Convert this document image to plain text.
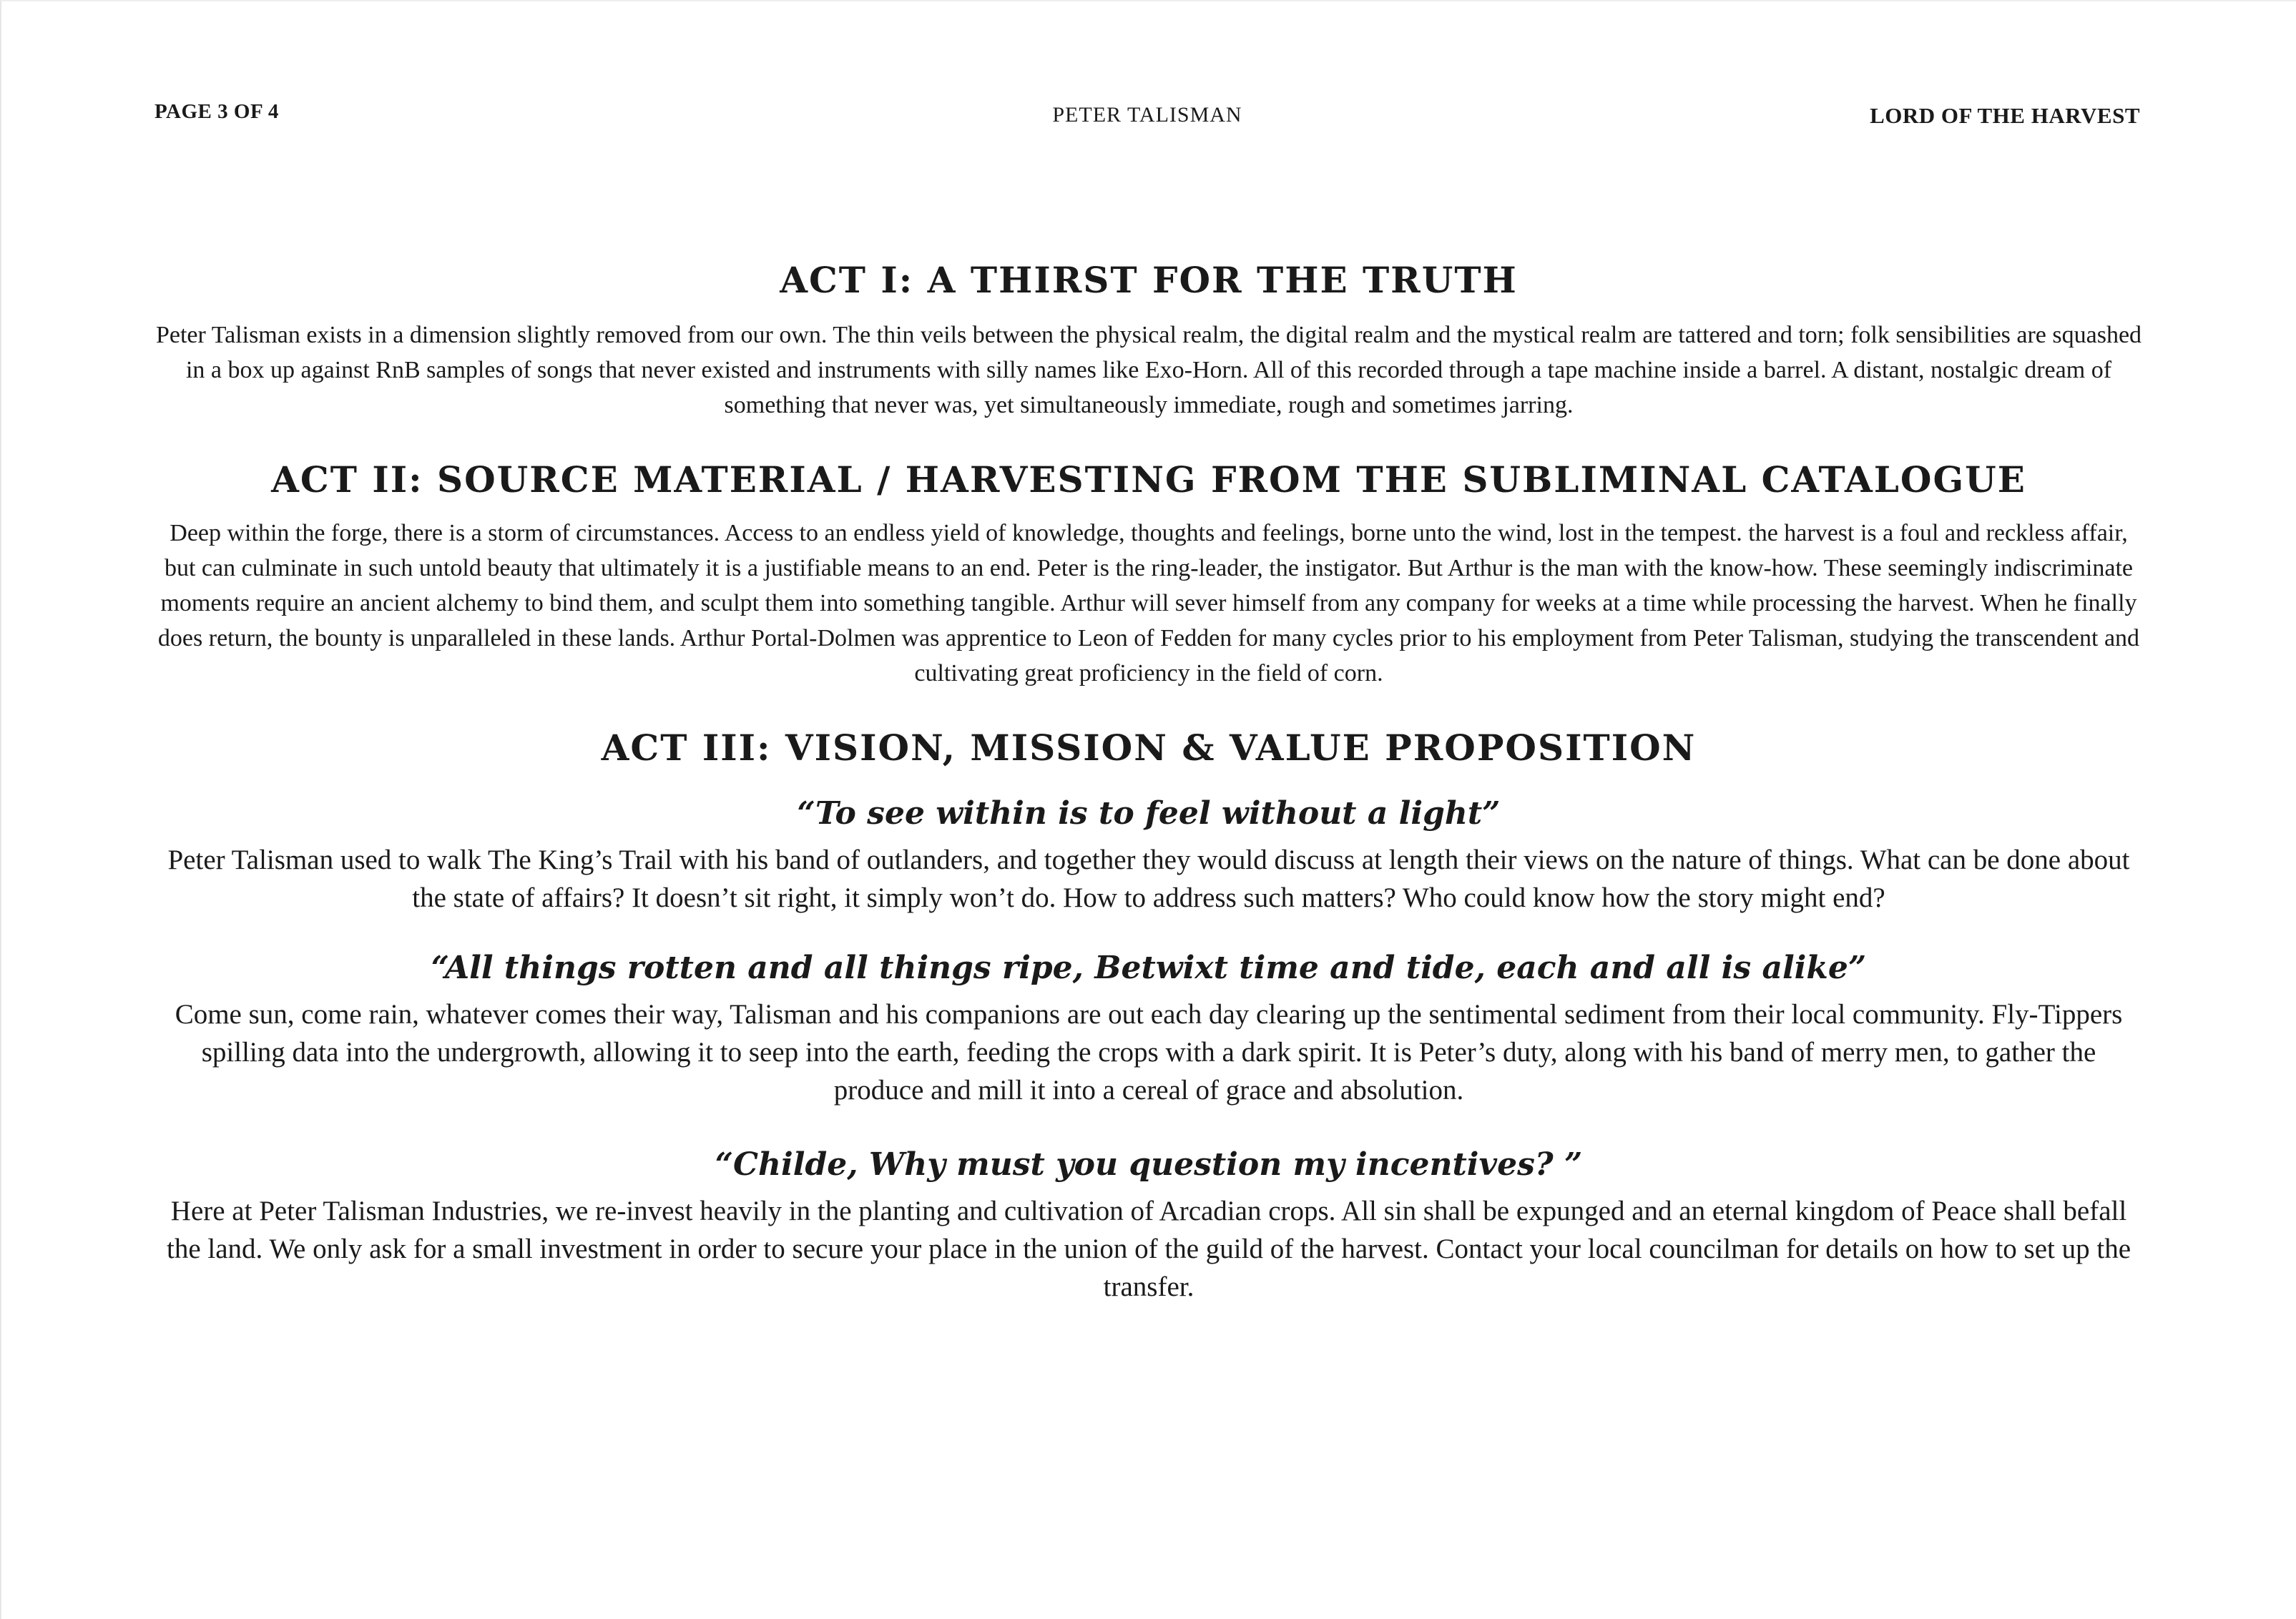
PAGE 3 OF 4	PETER TALISMAN	LORD OF THE HARVEST
ACT I: A THIRST FOR THE TRUTH

Peter Talisman exists in a dimension slightly removed from our own. The thin veils between the physical realm, the digital realm and the mystical realm are tattered and torn; folk sensibilities are squashed in a box up against RnB samples of songs that never existed and instruments with silly names like Exo-Horn. All of this recorded through a tape machine inside a barrel. A distant, nostalgic dream of something that never was, yet simultaneously immediate, rough and sometimes jarring.

ACT II: SOURCE MATERIAL / HARVESTING FROM THE SUBLIMINAL CATALOGUE

Deep within the forge, there is a storm of circumstances. Access to an endless yield of knowledge, thoughts and feelings, borne unto the wind, lost in the tempest. the harvest is a foul and reckless affair, but can culminate in such untold beauty that ultimately it is a justifiable means to an end. Peter is the ring-leader, the instigator. But Arthur is the man with the know-how. These seemingly indiscriminate moments require an ancient alchemy to bind them, and sculpt them into something tangible. Arthur will sever himself from any company for weeks at a time while processing the harvest. When he finally does return, the bounty is unparalleled in these lands. Arthur Portal-Dolmen was apprentice to Leon of Fedden for many cycles prior to his employment from Peter Talisman, studying the transcendent and cultivating great proficiency in the field of corn.

ACT III: VISION, MISSION & VALUE PROPOSITION
“To see within is to feel without a light”

Peter Talisman used to walk The King’s Trail with his band of outlanders, and together they would discuss at length their views on the nature of things. What can be done about the state of affairs? It doesn’t sit right, it simply won’t do. How to address such matters? Who could know how the story might end?

“All things rotten and all things ripe, Betwixt time and tide, each and all is alike”

Come sun, come rain, whatever comes their way, Talisman and his companions are out each day clearing up the sentimental sediment from their local community. Fly-Tippers spilling data into the undergrowth, allowing it to seep into the earth, feeding the crops with a dark spirit. It is Peter’s duty, along with his band of merry men, to gather the produce and mill it into a cereal of grace and absolution.

“Childe, Why must you question my incentives? ”

Here at Peter Talisman Industries, we re-invest heavily in the planting and cultivation of Arcadian crops. All sin shall be expunged and an eternal kingdom of Peace shall befall the land. We only ask for a small investment in order to secure your place in the union of the guild of the harvest. Contact your local councilman for details on how to set up the transfer.
